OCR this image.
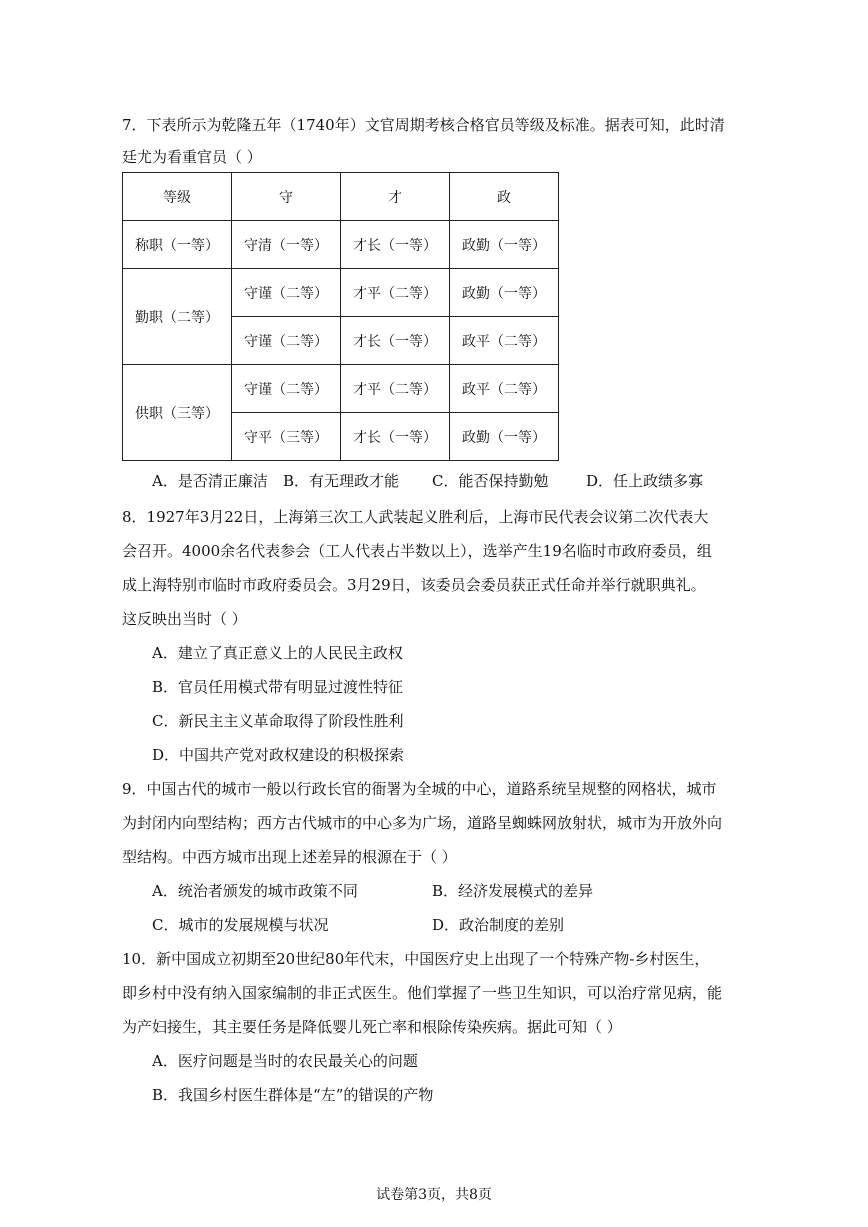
7．下表所示为乾隆五年（1740年）文官周期考核合格官员等级及标准。据表可知，此时清
廷尤为看重官员（ ）
等级	守	才	政
称职（一等）	守清（一等）	才长（一等）	政勤（一等）
勤职（二等）	守谨（二等）	才平（二等）	政勤（一等）
	守谨（二等）	才长（一等）	政平（二等）
供职（三等）	守谨（二等）	才平（二等）	政平（二等）
	守平（三等）	才长（一等）	政勤（一等）
A．是否清正廉洁 B．有无理政才能 C．能否保持勤勉	D．任上政绩多寡
8．1927年3月22日，上海第三次工人武装起义胜利后，上海市民代表会议第二次代表大
会召开。4000余名代表参会（工人代表占半数以上），选举产生19名临时市政府委员，组
成上海特别市临时市政府委员会。3月29日，该委员会委员获正式任命并举行就职典礼。
这反映出当时（ ）
A．建立了真正意义上的人民民主政权
B．官员任用模式带有明显过渡性特征
C．新民主主义革命取得了阶段性胜利
D．中国共产党对政权建设的积极探索
9．中国古代的城市一般以行政长官的衙署为全城的中心，道路系统呈规整的网格状，城市
为封闭内向型结构；西方古代城市的中心多为广场，道路呈蜘蛛网放射状，城市为开放外向
型结构。中西方城市出现上述差异的根源在于（ ）
A．统治者颁发的城市政策不同	B．经济发展模式的差异
C．城市的发展规模与状况	D．政治制度的差别
10．新中国成立初期至20世纪80年代末，中国医疗史上出现了一个特殊产物-乡村医生，
即乡村中没有纳入国家编制的非正式医生。他们掌握了一些卫生知识，可以治疗常见病，能
为产妇接生，其主要任务是降低婴儿死亡率和根除传染疾病。据此可知（ ）
A．医疗问题是当时的农民最关心的问题
B．我国乡村医生群体是“左”的错误的产物
试卷第3页，共8页
